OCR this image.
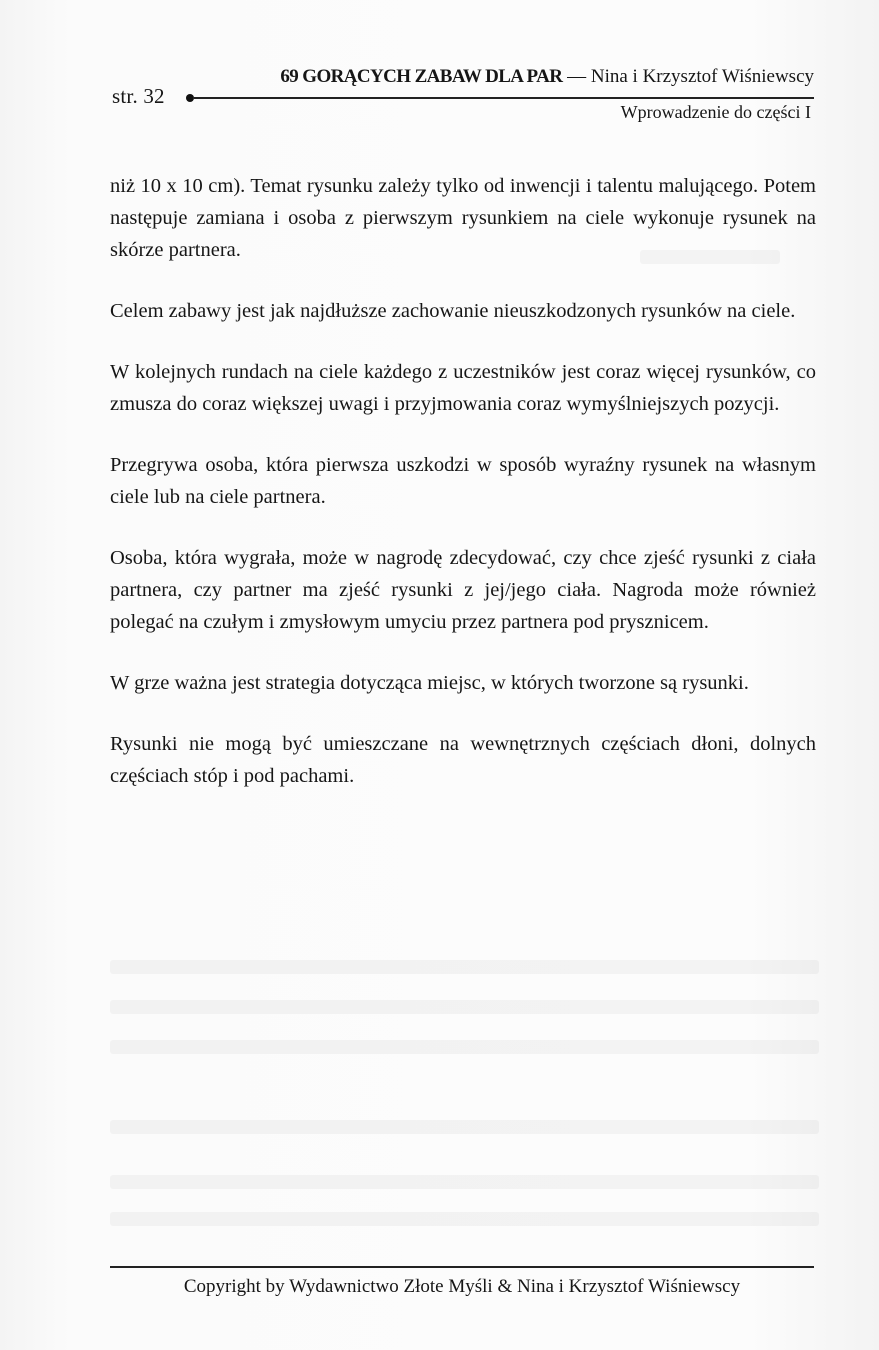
str. 32
69 GORĄCYCH ZABAW DLA PAR — Nina i Krzysztof Wiśniewscy
Wprowadzenie do części I

niż 10 x 10 cm). Temat rysunku zależy tylko od inwencji i talentu malującego. Potem następuje zamiana i osoba z pierwszym rysunkiem na ciele wykonuje rysunek na skórze partnera.

Celem zabawy jest jak najdłuższe zachowanie nieuszkodzonych rysunków na ciele.

W kolejnych rundach na ciele każdego z uczestników jest coraz więcej rysunków, co zmusza do coraz większej uwagi i przyjmowania coraz wymyślniejszych pozycji.

Przegrywa osoba, która pierwsza uszkodzi w sposób wyraźny rysunek na własnym ciele lub na ciele partnera.

Osoba, która wygrała, może w nagrodę zdecydować, czy chce zjeść rysunki z ciała partnera, czy partner ma zjeść rysunki z jej/jego ciała. Nagroda może również polegać na czułym i zmysłowym umyciu przez partnera pod prysznicem.

W grze ważna jest strategia dotycząca miejsc, w których tworzone są rysunki.

Rysunki nie mogą być umieszczane na wewnętrznych częściach dłoni, dolnych częściach stóp i pod pachami.

Copyright by Wydawnictwo Złote Myśli & Nina i Krzysztof Wiśniewscy
